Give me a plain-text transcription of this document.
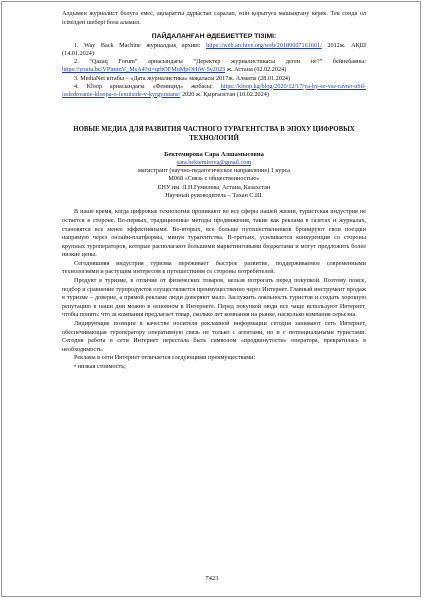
Алдымен журналист болуға емес, ақпаратты дұрыстап саралап, өзін қорытуға машықтану керек. Тек сонда ол ісімізден шебері бола аламыз.

ПАЙДАЛАНҒАН ӘДЕБИЕТТЕР ТІЗІМІ:

1. Way Back Machine журналдық архиві: https://web.archive.org/web/20180607161601/ 2012ж. АҚШ (14.01.2024)

2. “Qazaq Forum” арнасындағы “Деректер журналистикасы деген не?” бейнебаяны: https://youtu.be/VPimmV_MsA4?si=qrbOFMuMpOHiW-5y2023 ж. Астана (02.02.2024)

3. MediaNet кітабы – «Дата журналистика» мақаласы 2017ж. Алматы (28.01.2024)

4. Kloop арнасындағы «Фемицид» жобасы: https://kloop.kg/blog/2020/12/17/ya-by-ee-vse-ravno-ubil-issledovanie-kloopa-o-femitside-v-kyrgyzstane/ 2020 ж. Қырғызстан (10.02.2024)

НОВЫЕ МЕДИА ДЛЯ РАЗВИТИЯ ЧАСТНОГО ТУРАГЕНТСТВА В ЭПОХУ ЦИФРОВЫХ ТЕХНОЛОГИЙ
Бектемирова Сара Алшамысовна
sara.bektemirova@gmail.com
магистрант (научно-педагогическое направление) 1 курса
М068 «Связь с общественностью»
ЕНУ им. Л.Н.Гумилева, Астана, Казахстан
Научный руководитель – Тахан С.Ш.

В наше время, когда цифровые технологии проникают во все сферы нашей жизни, туристская индустрия не остается в стороне. Во-первых, традиционные методы продвижения, такие как реклама в газетах и журналах, становятся все менее эффективными. Во-вторых, все больше путешественников бронируют свои поездки напрямую через онлайн-платформы, минуя турагентства. В-третьих, усиливается конкуренция со стороны крупных туроператоров, которые располагают большими маркетинговыми бюджетами и могут предложить более низкие цены.

Сегодняшняя индустрия туризма переживает быстрое развитие, поддерживаемое современными технологиями и растущим интересом к путешествиям со стороны потребителей.

Продукт в туризме, в отличие от физических товаров, нельзя потрогать перед покупкой. Поэтому поиск, подбор и сравнение турпродуктов осуществляется преимущественно через Интернет. Главный инструмент продаж в туризме – доверие, а прямой рекламе люди доверяют мало. Заслужить лояльность туристов и создать хорошую репутацию в наши дни можно в основном в Интернете. Перед покупкой люди все чаще используют Интернет, чтобы понять: что за компания предлагает товар, сколько лет компания на рынке, насколько компания серьезна.

Лидирующие позиции в качестве носителя рекламной информации сегодня занимают сеть Интернет, обеспечивающая туроператору оперативную связь не только с агентами, но и с потенциальными туристами. Сегодня работа в сети Интернет перестала быть символом «продвинутости» оператора, превратилась в необходимость.

Реклама в сети Интернет отличается следующими преимуществами:

• низкая стоимость;

7423
